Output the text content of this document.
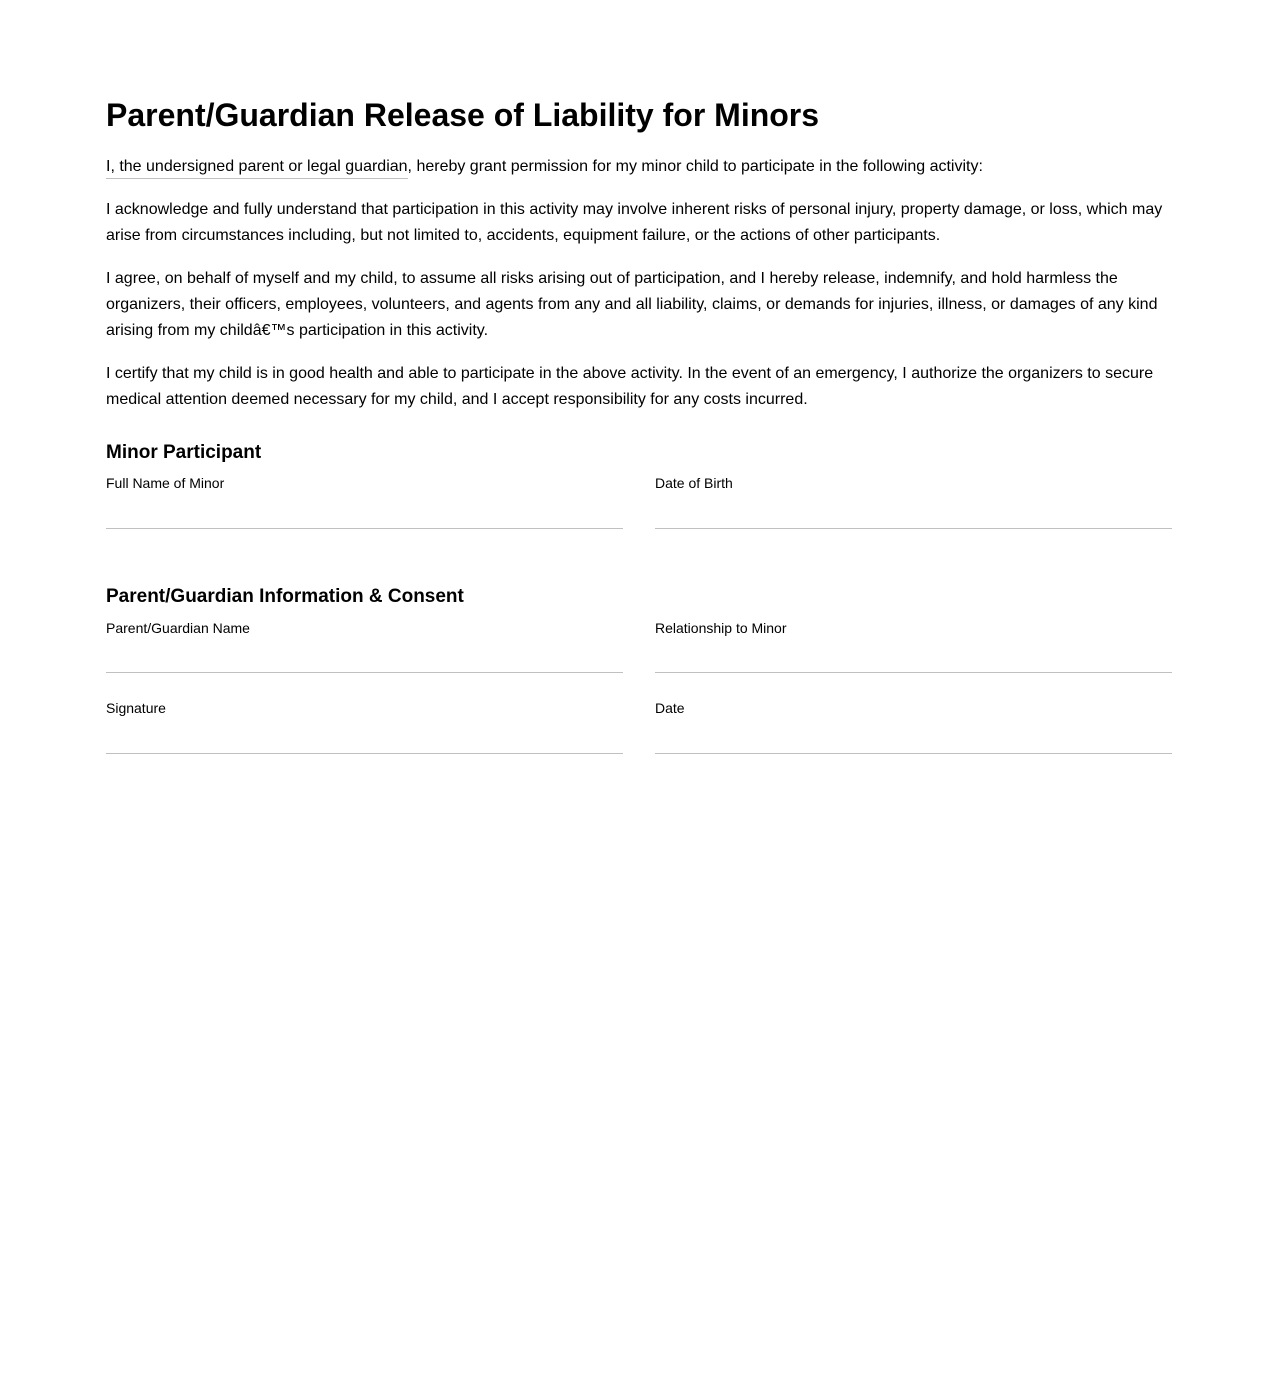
Parent/Guardian Release of Liability for Minors

I, the undersigned parent or legal guardian, hereby grant permission for my minor child to participate in the following activity:

I acknowledge and fully understand that participation in this activity may involve inherent risks of personal injury, property damage, or loss, which may arise from circumstances including, but not limited to, accidents, equipment failure, or the actions of other participants.

I agree, on behalf of myself and my child, to assume all risks arising out of participation, and I hereby release, indemnify, and hold harmless the organizers, their officers, employees, volunteers, and agents from any and all liability, claims, or demands for injuries, illness, or damages of any kind arising from my childâ€™s participation in this activity.

I certify that my child is in good health and able to participate in the above activity. In the event of an emergency, I authorize the organizers to secure medical attention deemed necessary for my child, and I accept responsibility for any costs incurred.

Minor Participant
Full Name of Minor	Date of Birth
Parent/Guardian Information & Consent
Parent/Guardian Name	Relationship to Minor
Signature	Date
